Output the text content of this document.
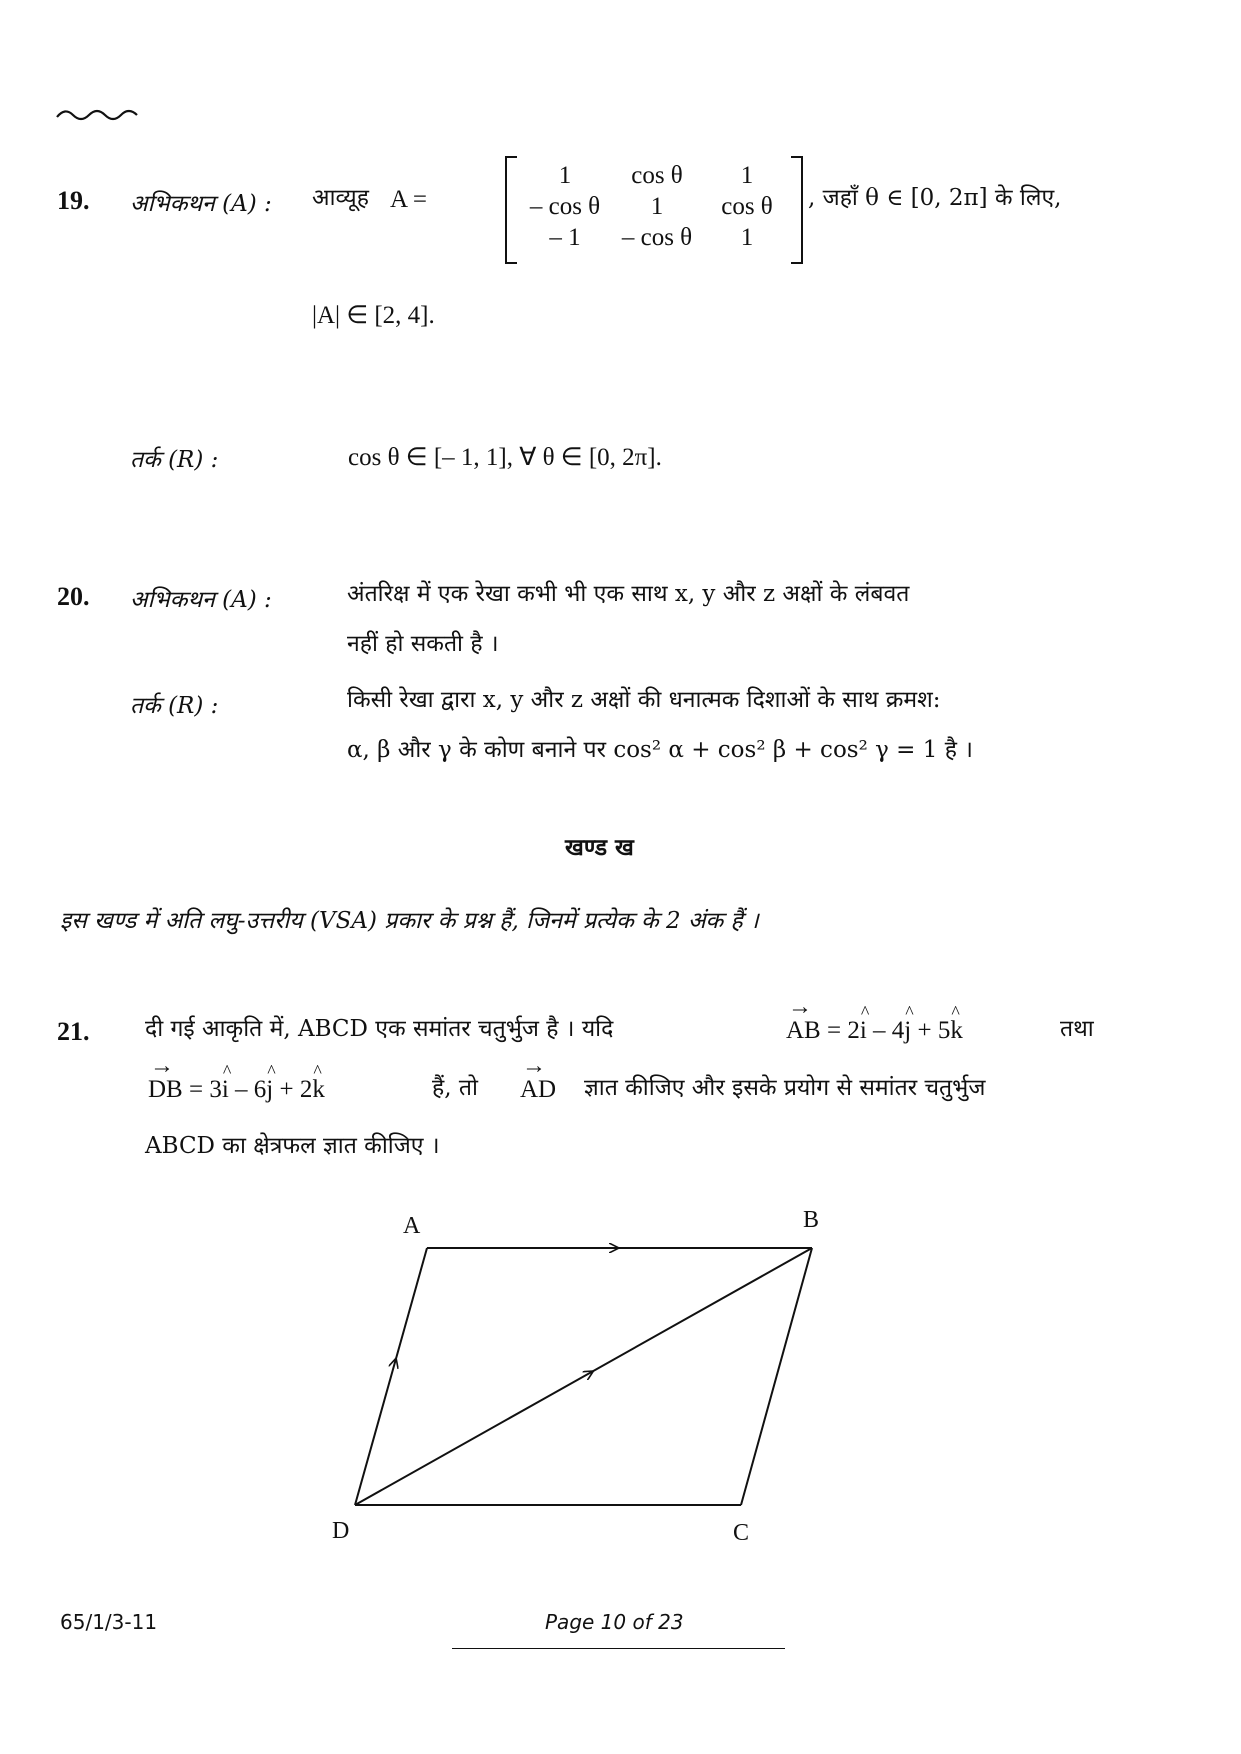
19. अभिकथन (A) : आव्यूह A =
1	cos θ	1
– cos θ	1	cos θ
– 1	– cos θ	1
, जहाँ θ ∈ [0, 2π] के लिए,
|A| ∈ [2, 4].
तर्क (R) :	cos θ ∈ [– 1, 1], ∀ θ ∈ [0, 2π].
20. अभिकथन (A) :	अंतरिक्ष में एक रेखा कभी भी एक साथ x, y और z अक्षों के लंबवत
नहीं हो सकती है ।
तर्क (R) :	किसी रेखा द्वारा x, y और z अक्षों की धनात्मक दिशाओं के साथ क्रमश:
α, β और γ के कोण बनाने पर cos² α + cos² β + cos² γ = 1 है ।
खण्ड ख
इस खण्ड में अति लघु-उत्तरीय (VSA) प्रकार के प्रश्न हैं, जिनमें प्रत्येक के 2 अंक हैं ।
21. दी गई आकृति में, ABCD एक समांतर चतुर्भुज है । यदि	→ AB = 2^ i – 4^ j + 5^ k	तथा
→ DB = 3^ i – 6^ j + 2^ k	हैं, तो → AD ज्ञात कीजिए और इसके प्रयोग से समांतर चतुर्भुज
ABCD का क्षेत्रफल ज्ञात कीजिए ।
A	B
C
D
65/1/3-11	Page 10 of 23
